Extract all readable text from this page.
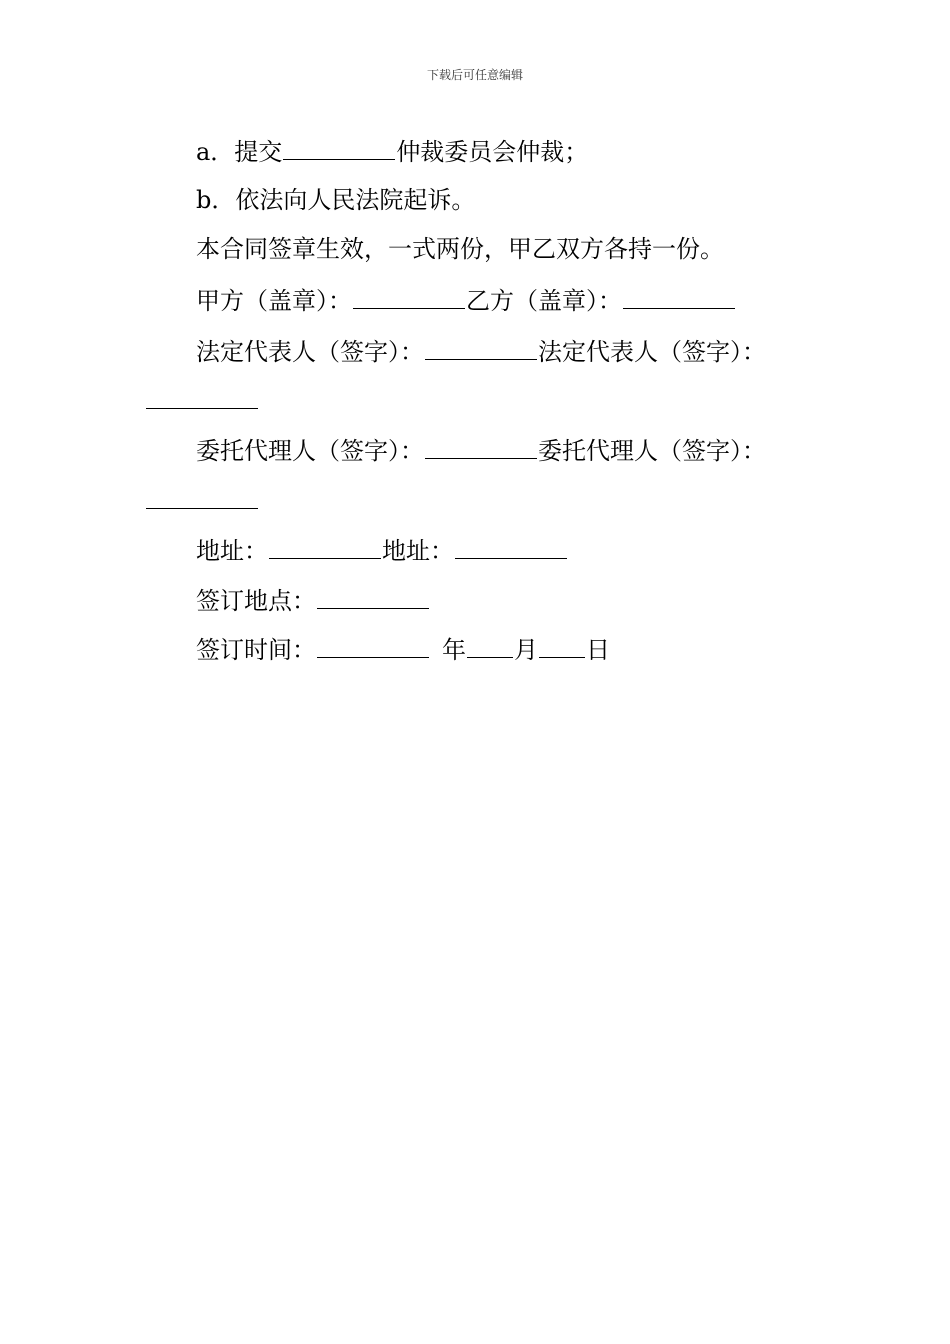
下载后可任意编辑
a．提交	仲裁委员会仲裁；
b．依法向人民法院起诉。
本合同签章生效，一式两份，甲乙双方各持一份。
甲方（盖章）：	乙方（盖章）：
法定代表人（签字）：	法定代表人（签字）：
委托代理人（签字）：	委托代理人（签字）：
地址：	地址：
签订地点：
签订时间：	年 月 日
